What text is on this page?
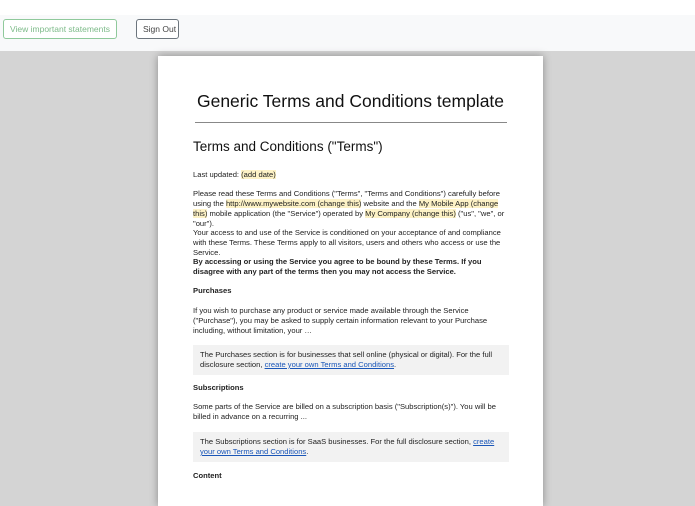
View important statements	Sign Out
Generic Terms and Conditions template
Terms and Conditions ("Terms")
Last updated: (add date)
Please read these Terms and Conditions ("Terms", "Terms and Conditions") carefully before using the http://www.mywebsite.com (change this) website and the My Mobile App (change this) mobile application (the "Service") operated by My Company (change this) ("us", "we", or "our").
Your access to and use of the Service is conditioned on your acceptance of and compliance with these Terms. These Terms apply to all visitors, users and others who access or use the Service.
By accessing or using the Service you agree to be bound by these Terms. If you disagree with any part of the terms then you may not access the Service.
Purchases
If you wish to purchase any product or service made available through the Service ("Purchase"), you may be asked to supply certain information relevant to your Purchase including, without limitation, your …
The Purchases section is for businesses that sell online (physical or digital). For the full disclosure section, create your own Terms and Conditions.
Subscriptions
Some parts of the Service are billed on a subscription basis ("Subscription(s)"). You will be billed in advance on a recurring ...
The Subscriptions section is for SaaS businesses. For the full disclosure section, create your own Terms and Conditions.
Content
